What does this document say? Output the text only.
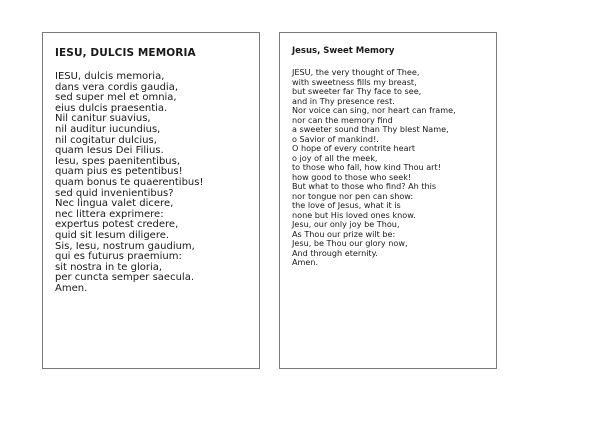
IESU, DULCIS MEMORIA
IESU, dulcis memoria,
dans vera cordis gaudia,
sed super mel et omnia,
eius dulcis praesentia.
Nil canitur suavius,
nil auditur iucundius,
nil cogitatur dulcius,
quam Iesus Dei Filius.
Iesu, spes paenitentibus,
quam pius es petentibus!
quam bonus te quaerentibus!
sed quid invenientibus?
Nec lingua valet dicere,
nec littera exprimere:
expertus potest credere,
quid sit Iesum diligere.
Sis, Iesu, nostrum gaudium,
qui es futurus praemium:
sit nostra in te gloria,
per cuncta semper saecula.
Amen.
Jesus, Sweet Memory
JESU, the very thought of Thee,
with sweetness fills my breast,
but sweeter far Thy face to see,
and in Thy presence rest.
Nor voice can sing, nor heart can frame,
nor can the memory find
a sweeter sound than Thy blest Name,
o Savior of mankind!.
O hope of every contrite heart
o joy of all the meek,
to those who fall, how kind Thou art!
how good to those who seek!
But what to those who find? Ah this
nor tongue nor pen can show:
the love of Jesus, what it is
none but His loved ones know.
Jesu, our only joy be Thou,
As Thou our prize wilt be:
Jesu, be Thou our glory now,
And through eternity.
Amen.
